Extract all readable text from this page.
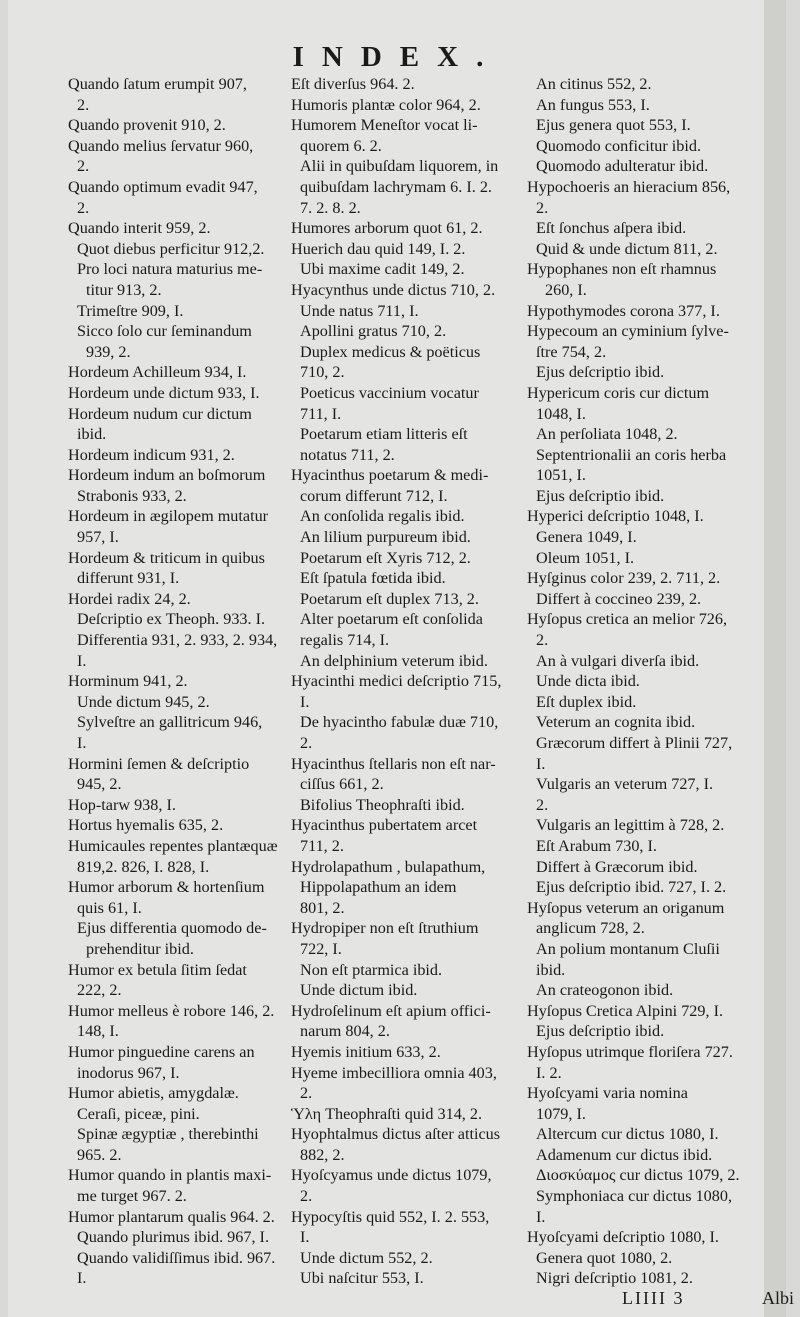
INDEX.
Quando ſatum erumpit 907,
2.
Quando provenit 910, 2.
Quando melius ſervatur 960,
2.
Quando optimum evadit 947,
2.
Quando interit 959, 2.
Quot diebus perficitur 912,2.
Pro loci natura maturius me-
titur 913, 2.
Trimeſtre 909, I.
Sicco ſolo cur ſeminandum
939, 2.
Hordeum Achilleum 934, I.
Hordeum unde dictum 933, I.
Hordeum nudum cur dictum
ibid.
Hordeum indicum 931, 2.
Hordeum indum an boſmorum
Strabonis 933, 2.
Hordeum in ægilopem mutatur
957, I.
Hordeum & triticum in quibus
differunt 931, I.
Hordei radix 24, 2.
Deſcriptio ex Theoph. 933. I.
Differentia 931, 2. 933, 2. 934,
I.
Horminum 941, 2.
Unde dictum 945, 2.
Sylveſtre an gallitricum 946,
I.
Hormini ſemen & deſcriptio
945, 2.
Hop-tarw 938, I.
Hortus hyemalis 635, 2.
Humicaules repentes plantæquæ
819,2. 826, I. 828, I.
Humor arborum & hortenſium
quis 61, I.
Ejus differentia quomodo de-
prehenditur ibid.
Humor ex betula ſitim ſedat
222, 2.
Humor melleus è robore 146, 2.
148, I.
Humor pinguedine carens an
inodorus 967, I.
Humor abietis, amygdalæ.
Ceraſi, piceæ, pini.
Spinæ ægyptiæ , therebinthi
965. 2.
Humor quando in plantis maxi-
me turget 967. 2.
Humor plantarum qualis 964. 2.
Quando plurimus ibid. 967, I.
Quando validiſſimus ibid. 967.
I.
Eſt diverſus 964. 2.
Humoris plantæ color 964, 2.
Humorem Meneſtor vocat li-
quorem 6. 2.
Alii in quibuſdam liquorem, in
quibuſdam lachrymam 6. I. 2.
7. 2. 8. 2.
Humores arborum quot 61, 2.
Huerich dau quid 149, I. 2.
Ubi maxime cadit 149, 2.
Hyacynthus unde dictus 710, 2.
Unde natus 711, I.
Apollini gratus 710, 2.
Duplex medicus & poëticus
710, 2.
Poeticus vaccinium vocatur
711, I.
Poetarum etiam litteris eſt
notatus 711, 2.
Hyacinthus poetarum & medi-
corum differunt 712, I.
An conſolida regalis ibid.
An lilium purpureum ibid.
Poetarum eſt Xyris 712, 2.
Eſt ſpatula fœtida ibid.
Poetarum eſt duplex 713, 2.
Alter poetarum eſt conſolida
regalis 714, I.
An delphinium veterum ibid.
Hyacinthi medici deſcriptio 715,
I.
De hyacintho fabulæ duæ 710,
2.
Hyacinthus ſtellaris non eſt nar-
ciſſus 661, 2.
Bifolius Theophraſti ibid.
Hyacinthus pubertatem arcet
711, 2.
Hydrolapathum , bulapathum,
Hippolapathum an idem
801, 2.
Hydropiper non eſt ſtruthium
722, I.
Non eſt ptarmica ibid.
Unde dictum ibid.
Hydroſelinum eſt apium offici-
narum 804, 2.
Hyemis initium 633, 2.
Hyeme imbecilliora omnia 403,
2.
Ὑλη Theophraſti quid 314, 2.
Hyophtalmus dictus aſter atticus
882, 2.
Hyoſcyamus unde dictus 1079,
2.
Hypocyſtis quid 552, I. 2. 553,
I.
Unde dictum 552, 2.
Ubi naſcitur 553, I.
An citinus 552, 2.
An fungus 553, I.
Ejus genera quot 553, I.
Quomodo conficitur ibid.
Quomodo adulteratur ibid.
Hypochoeris an hieracium 856,
2.
Eſt ſonchus aſpera ibid.
Quid & unde dictum 811, 2.
Hypophanes non eſt rhamnus
260, I.
Hypothymodes corona 377, I.
Hypecoum an cyminium ſylve-
ſtre 754, 2.
Ejus deſcriptio ibid.
Hypericum coris cur dictum
1048, I.
An perſoliata 1048, 2.
Septentrionalii an coris herba
1051, I.
Ejus deſcriptio ibid.
Hyperici deſcriptio 1048, I.
Genera 1049, I.
Oleum 1051, I.
Hyſginus color 239, 2. 711, 2.
Differt à coccineo 239, 2.
Hyſopus cretica an melior 726,
2.
An à vulgari diverſa ibid.
Unde dicta ibid.
Eſt duplex ibid.
Veterum an cognita ibid.
Græcorum differt à Plinii 727,
I.
Vulgaris an veterum 727, I.
2.
Vulgaris an legittim à 728, 2.
Eſt Arabum 730, I.
Differt à Græcorum ibid.
Ejus deſcriptio ibid. 727, I. 2.
Hyſopus veterum an origanum
anglicum 728, 2.
An polium montanum Cluſii
ibid.
An crateogonon ibid.
Hyſopus Cretica Alpini 729, I.
Ejus deſcriptio ibid.
Hyſopus utrimque floriſera 727.
I. 2.
Hyoſcyami varia nomina
1079, I.
Altercum cur dictus 1080, I.
Adamenum cur dictus ibid.
Διοσκύαμος cur dictus 1079, 2.
Symphoniaca cur dictus 1080,
I.
Hyoſcyami deſcriptio 1080, I.
Genera quot 1080, 2.
Nigri deſcriptio 1081, 2.
LIIII 3	Albi
